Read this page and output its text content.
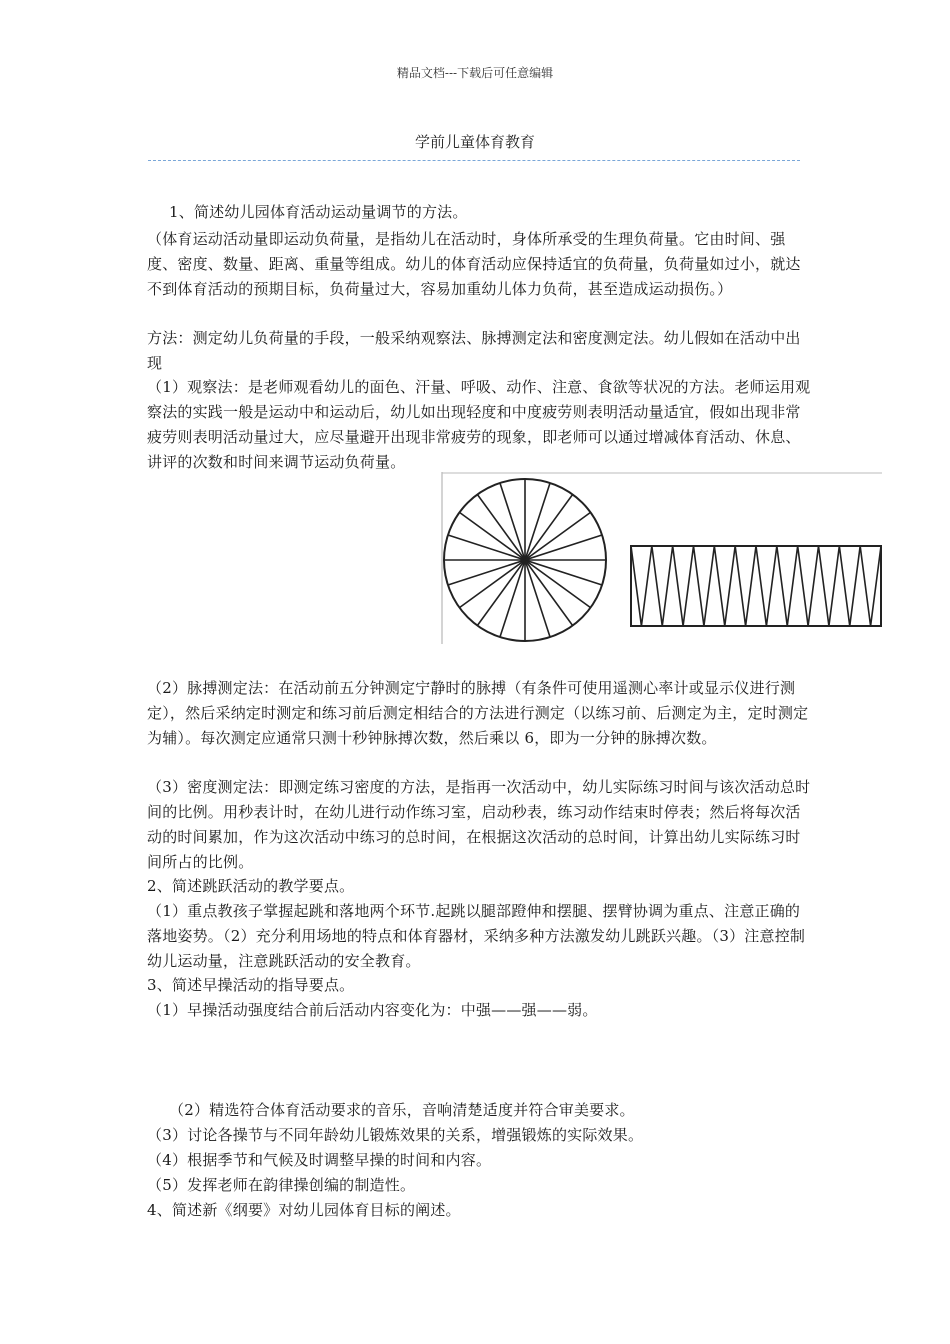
精品文档---下载后可任意编辑
学前儿童体育教育

1、简述幼儿园体育活动运动量调节的方法。

（体育运动活动量即运动负荷量，是指幼儿在活动时，身体所承受的生理负荷量。它由时间、强度、密度、数量、距离、重量等组成。幼儿的体育活动应保持适宜的负荷量，负荷量如过小，就达不到体育活动的预期目标，负荷量过大，容易加重幼儿体力负荷，甚至造成运动损伤。）

方法：测定幼儿负荷量的手段，一般采纳观察法、脉搏测定法和密度测定法。幼儿假如在活动中出现

（1）观察法：是老师观看幼儿的面色、汗量、呼吸、动作、注意、食欲等状况的方法。老师运用观察法的实践一般是运动中和运动后，幼儿如出现轻度和中度疲劳则表明活动量适宜，假如出现非常疲劳则表明活动量过大，应尽量避开出现非常疲劳的现象，即老师可以通过增减体育活动、休息、讲评的次数和时间来调节运动负荷量。

（2）脉搏测定法：在活动前五分钟测定宁静时的脉搏（有条件可使用遥测心率计或显示仪进行测定），然后采纳定时测定和练习前后测定相结合的方法进行测定（以练习前、后测定为主，定时测定为辅）。每次测定应通常只测十秒钟脉搏次数，然后乘以 6，即为一分钟的脉搏次数。

（3）密度测定法：即测定练习密度的方法，是指再一次活动中，幼儿实际练习时间与该次活动总时间的比例。用秒表计时，在幼儿进行动作练习室，启动秒表，练习动作结束时停表；然后将每次活动的时间累加，作为这次活动中练习的总时间，在根据这次活动的总时间，计算出幼儿实际练习时间所占的比例。

2、简述跳跃活动的教学要点。

（1）重点教孩子掌握起跳和落地两个环节.起跳以腿部蹬伸和摆腿、摆臂协调为重点、注意正确的落地姿势。（2）充分利用场地的特点和体育器材，采纳多种方法激发幼儿跳跃兴趣。（3）注意控制幼儿运动量，注意跳跃活动的安全教育。

3、简述早操活动的指导要点。

（1）早操活动强度结合前后活动内容变化为：中强——强——弱。

（2）精选符合体育活动要求的音乐，音响清楚适度并符合审美要求。

（3）讨论各操节与不同年龄幼儿锻炼效果的关系，增强锻炼的实际效果。

（4）根据季节和气候及时调整早操的时间和内容。

（5）发挥老师在韵律操创编的制造性。

4、简述新《纲要》对幼儿园体育目标的阐述。
